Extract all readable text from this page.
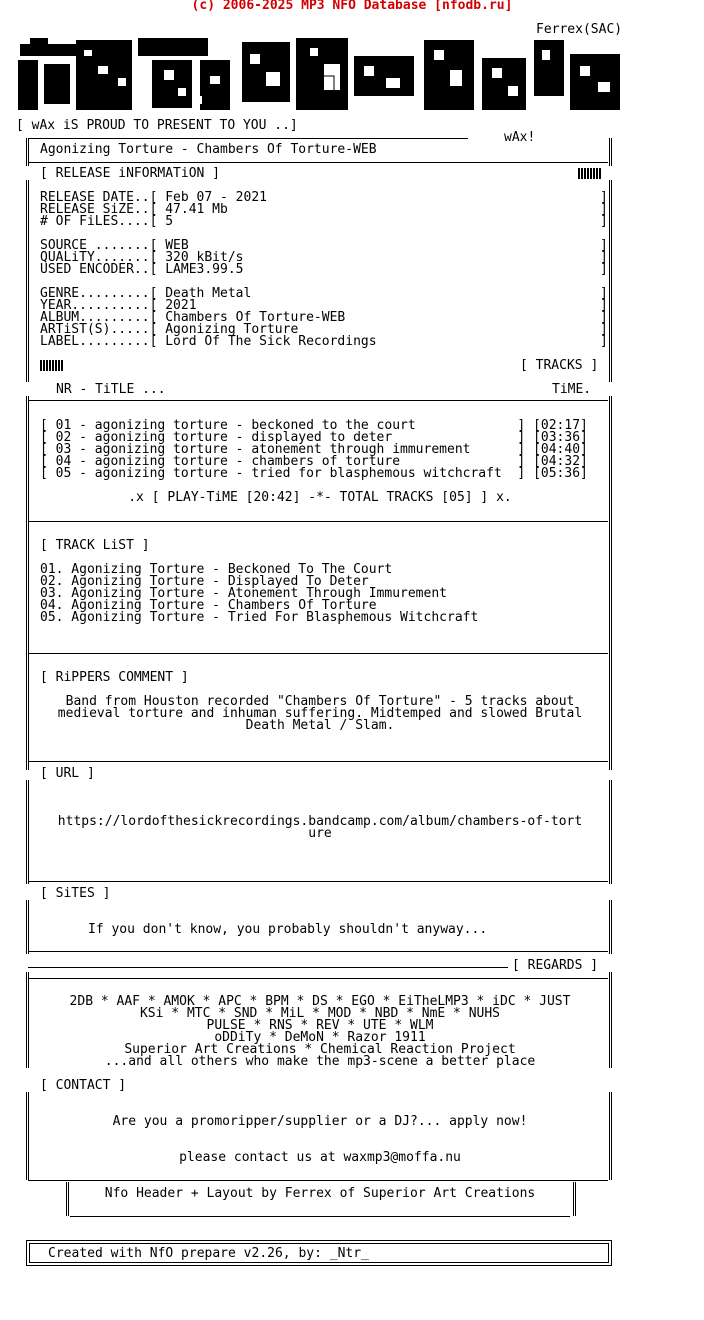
(c) 2006-2025 MP3 NFO Database [nfodb.ru]
Ferrex(SAC)
[ wAx iS PROUD TO PRESENT TO YOU ..]
wAx!
Agonizing Torture - Chambers Of Torture-WEB
[ RELEASE iNFORMATiON ]
RELEASE DATE..[ Feb 07 - 2021
RELEASE SiZE..[ 47.41 Mb
# OF FiLES....[ 5
SOURCE .......[ WEB
QUALiTY.......[ 320 kBit/s
USED ENCODER..[ LAME3.99.5
GENRE.........[ Death Metal
YEAR..........[ 2021
ALBUM.........[ Chambers Of Torture-WEB
ARTiST(S).....[ Agonizing Torture
LABEL.........[ Lord Of The Sick Recordings
]
]
]

]
]
]

]
]
]
]
]
[ TRACKS ]
NR - TiTLE ...	TiME.
[ 01 - agonizing torture - beckoned to the court             ] [02:17]
[ 02 - agonizing torture - displayed to deter                ] [03:36]
[ 03 - agonizing torture - atonement through immurement      ] [04:40]
[ 04 - agonizing torture - chambers of torture               ] [04:32]
[ 05 - agonizing torture - tried for blasphemous witchcraft  ] [05:36]
.x [ PLAY-TiME [20:42] -*- TOTAL TRACKS [05] ] x.
[ TRACK LiST ]
01. Agonizing Torture - Beckoned To The Court
02. Agonizing Torture - Displayed To Deter
03. Agonizing Torture - Atonement Through Immurement
04. Agonizing Torture - Chambers Of Torture
05. Agonizing Torture - Tried For Blasphemous Witchcraft
[ RiPPERS COMMENT ]
Band from Houston recorded "Chambers Of Torture" - 5 tracks about
medieval torture and inhuman suffering. Midtemped and slowed Brutal
Death Metal / Slam.
[ URL ]
https://lordofthesickrecordings.bandcamp.com/album/chambers-of-tort
ure
[ SiTES ]
If you don't know, you probably shouldn't anyway...
[ REGARDS ]
2DB * AAF * AMOK * APC * BPM * DS * EGO * EiTheLMP3 * iDC * JUST
KSi * MTC * SND * MiL * MOD * NBD * NmE * NUHS
PULSE * RNS * REV * UTE * WLM
oDDiTy * DeMoN * Razor 1911
Superior Art Creations * Chemical Reaction Project
...and all others who make the mp3-scene a better place
[ CONTACT ]
Are you a promoripper/supplier or a DJ?... apply now!
please contact us at waxmp3@moffa.nu
Nfo Header + Layout by Ferrex of Superior Art Creations
Created with NfO prepare v2.26, by: _Ntr_
